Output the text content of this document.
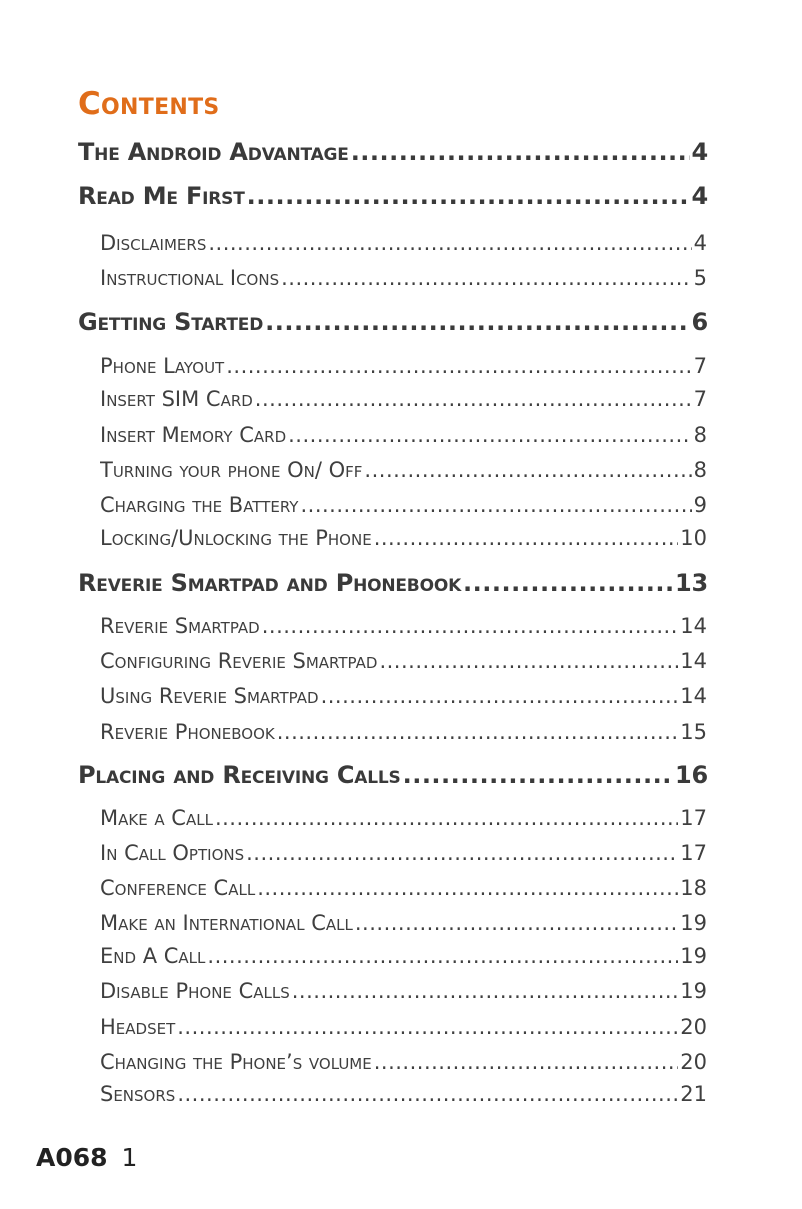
Contents
The Android Advantage .....	4
Read Me First .....	4
Disclaimers .....	4
Instructional Icons .....	5
Getting Started .....	6
Phone Layout .....	7
Insert SIM Card .....	7
Insert Memory Card .....	8
Turning your phone On/ Off .....	8
Charging the Battery .....	9
Locking/Unlocking the Phone .....	10
Reverie Smartpad and Phonebook .....	13
Reverie Smartpad .....	14
Configuring Reverie Smartpad .....	14
Using Reverie Smartpad .....	14
Reverie Phonebook .....	15
Placing and Receiving Calls .....	16
Make a Call .....	17
In Call Options .....	17
Conference Call .....	18
Make an International Call .....	19
End A Call .....	19
Disable Phone Calls .....	19
Headset .....	20
Changing the Phone’s volume .....	20
Sensors .....	21
A068 1
